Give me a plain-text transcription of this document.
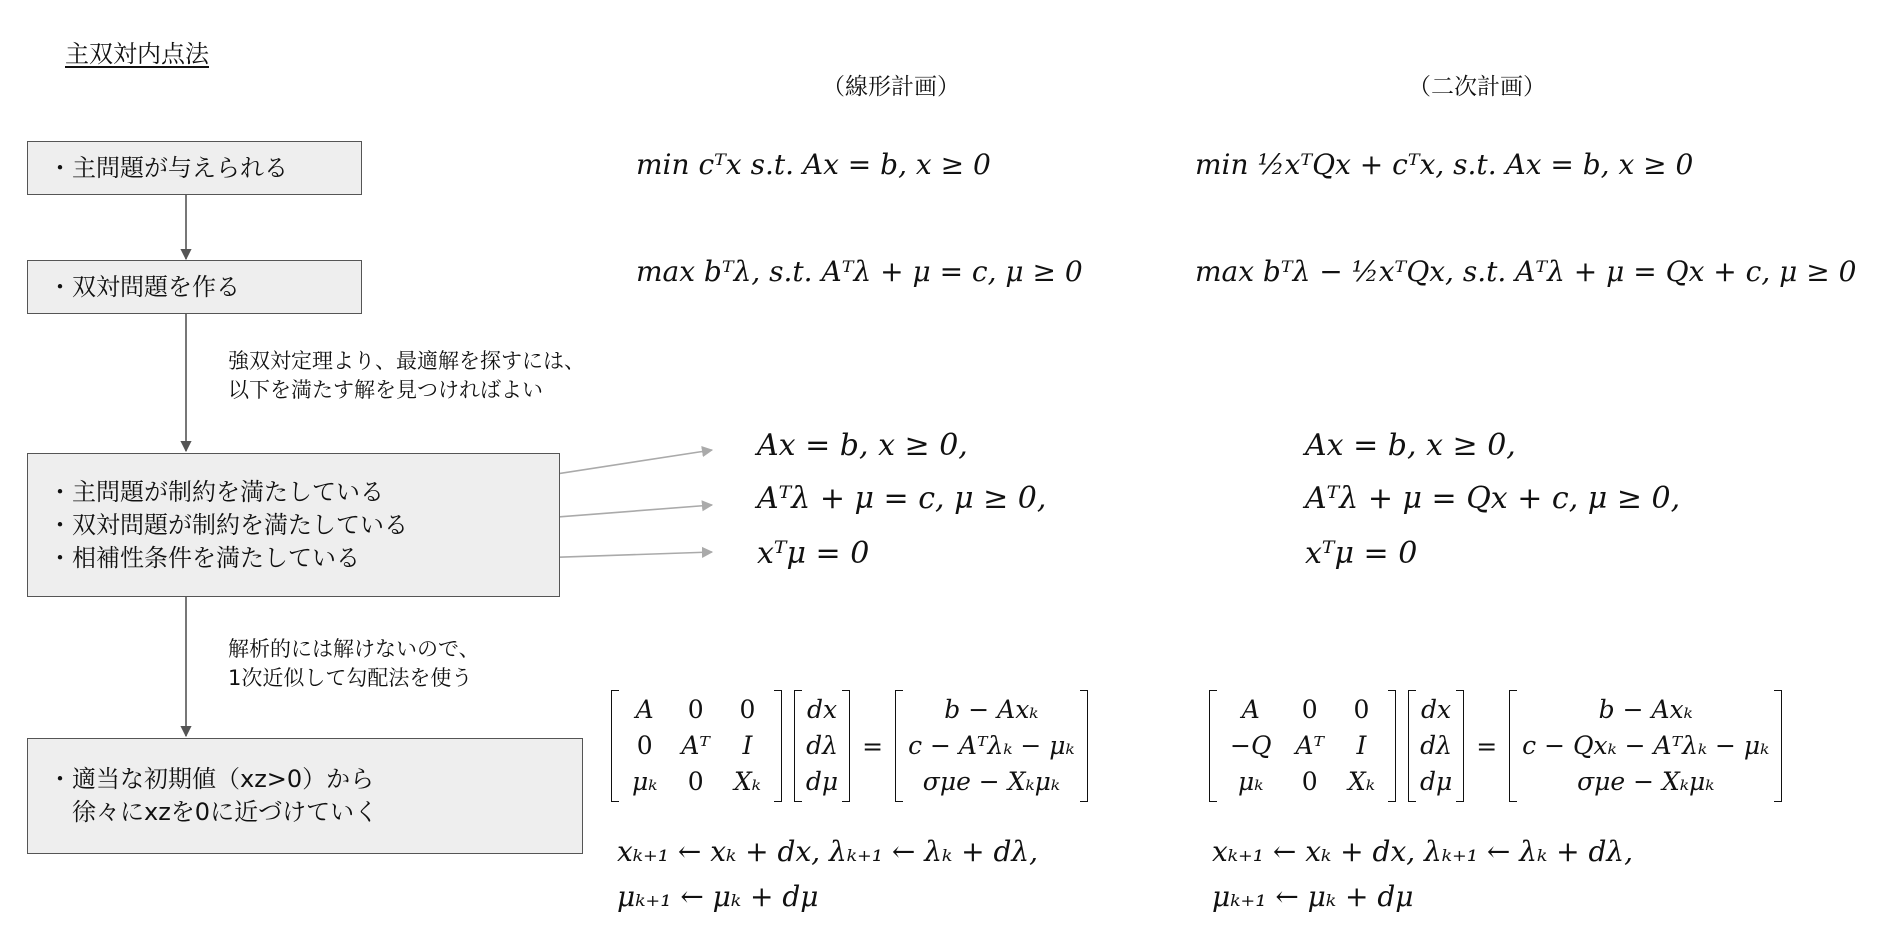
主双対内点法
（線形計画）	（二次計画）
・主問題が与えられる
・双対問題を作る
・主問題が制約を満たしている
・双対問題が制約を満たしている
・相補性条件を満たしている
・適当な初期値（xz>0）から
　徐々にxzを0に近づけていく
強双対定理より、最適解を探すには、
以下を満たす解を見つければよい
解析的には解けないので、
1次近似して勾配法を使う
min cᵀx s.t. Ax = b, x ≥ 0
max bᵀλ, s.t. Aᵀλ + μ = c, μ ≥ 0
min ½xᵀQx + cᵀx, s.t. Ax = b, x ≥ 0
max bᵀλ − ½xᵀQx, s.t. Aᵀλ + μ = Qx + c, μ ≥ 0
Ax = b, x ≥ 0,
Aᵀλ + μ = c, μ ≥ 0,
xᵀμ = 0
Ax = b, x ≥ 0,
Aᵀλ + μ = Qx + c, μ ≥ 0,
xᵀμ = 0
A	0	0
0	Aᵀ	I
μₖ	0	Xₖ
dx
dλ
dμ
=
b − Axₖ
c − Aᵀλₖ − μₖ
σμe − Xₖμₖ
A	0	0
−Q	Aᵀ	I
μₖ	0	Xₖ
dx
dλ
dμ
=
b − Axₖ
c − Qxₖ − Aᵀλₖ − μₖ
σμe − Xₖμₖ
xₖ₊₁ ← xₖ + dx, λₖ₊₁ ← λₖ + dλ,
μₖ₊₁ ← μₖ + dμ
xₖ₊₁ ← xₖ + dx, λₖ₊₁ ← λₖ + dλ,
μₖ₊₁ ← μₖ + dμ
